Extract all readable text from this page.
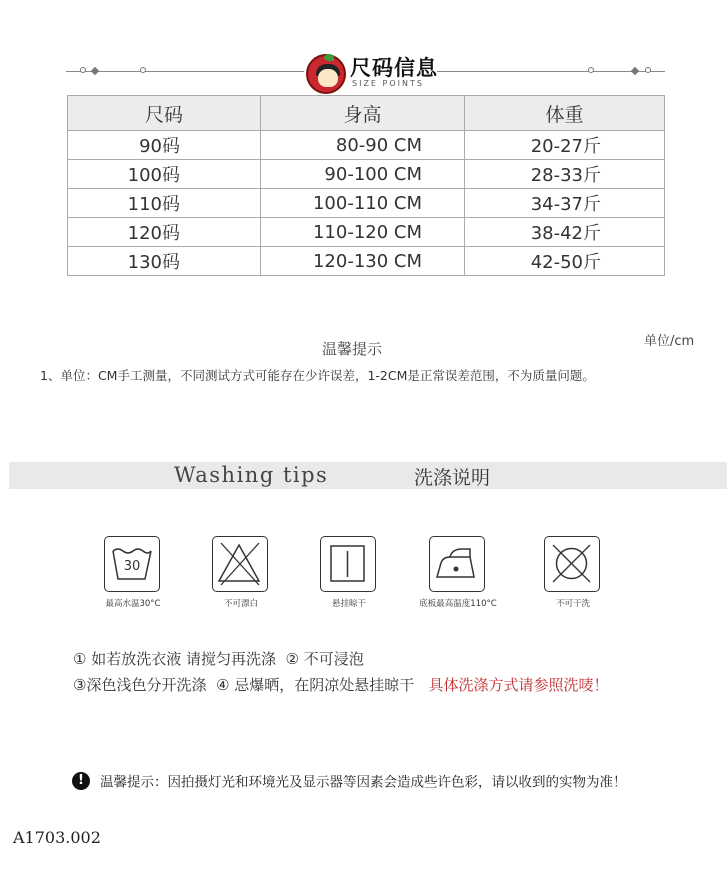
尺码信息
SIZE POINTS
尺码	身高	体重
90码	80-90 CM	20-27斤
100码	90-100 CM	28-33斤
110码	100-110 CM	34-37斤
120码	110-120 CM	38-42斤
130码	120-130 CM	42-50斤
单位/cm
温馨提示
1、单位：CM手工测量，不同测试方式可能存在少许误差，1-2CM是正常误差范围，不为质量问题。
Washing tips	洗涤说明
30
最高水温30°C	不可漂白	悬挂晾干	底板最高温度110°C	不可干洗
① 如若放洗衣液 请搅匀再洗涤 ② 不可浸泡
③深色浅色分开洗涤 ④ 忌爆晒，在阴凉处悬挂晾干 具体洗涤方式请参照洗唛！
! 温馨提示：因拍摄灯光和环境光及显示器等因素会造成些许色彩，请以收到的实物为准！
A1703.002
